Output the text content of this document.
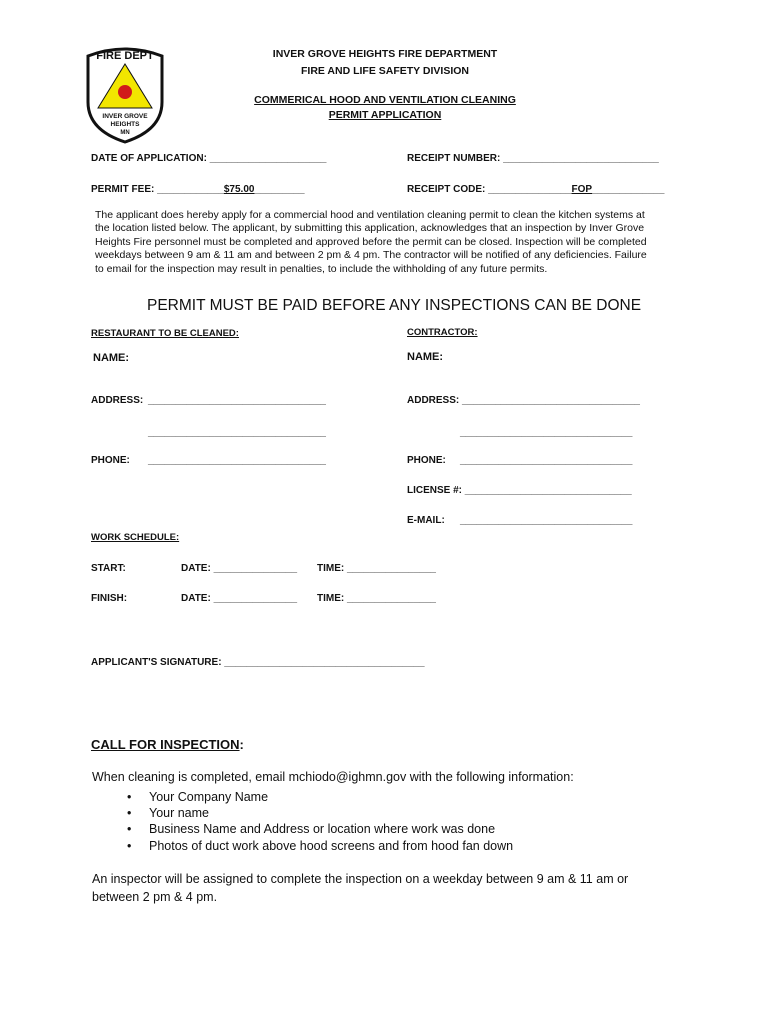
FIRE DEPT
INVER GROVE
HEIGHTS
MN
INVER GROVE HEIGHTS FIRE DEPARTMENT
FIRE AND LIFE SAFETY DIVISION
COMMERICAL HOOD AND VENTILATION CLEANING
PERMIT APPLICATION
DATE OF APPLICATION: _____________________	RECEIPT NUMBER: ____________________________
PERMIT FEE: ____________$75.00_________	RECEIPT CODE: _______________FOP_____________
The applicant does hereby apply for a commercial hood and ventilation cleaning permit to clean the kitchen systems at the location listed below. The applicant, by submitting this application, acknowledges that an inspection by Inver Grove Heights Fire personnel must be completed and approved before the permit can be closed. Inspection will be completed weekdays between 9 am & 11 am and between 2 pm & 4 pm. The contractor will be notified of any deficiencies. Failure to email for the inspection may result in penalties, to include the withholding of any future permits.
PERMIT MUST BE PAID BEFORE ANY INSPECTIONS CAN BE DONE
RESTAURANT TO BE CLEANED:	CONTRACTOR:
NAME:	NAME:
ADDRESS: ________________________________	ADDRESS: ________________________________
________________________________	_______________________________
PHONE: ________________________________	PHONE: _______________________________
LICENSE #: ______________________________
E-MAIL: _______________________________
WORK SCHEDULE:
START:	DATE: _______________ TIME: ________________
FINISH:	DATE: _______________ TIME: ________________
APPLICANT'S SIGNATURE: ____________________________________
CALL FOR INSPECTION:
When cleaning is completed, email mchiodo@ighmn.gov with the following information:
• Your Company Name
• Your name
• Business Name and Address or location where work was done
• Photos of duct work above hood screens and from hood fan down
An inspector will be assigned to complete the inspection on a weekday between 9 am & 11 am or between 2 pm & 4 pm.
